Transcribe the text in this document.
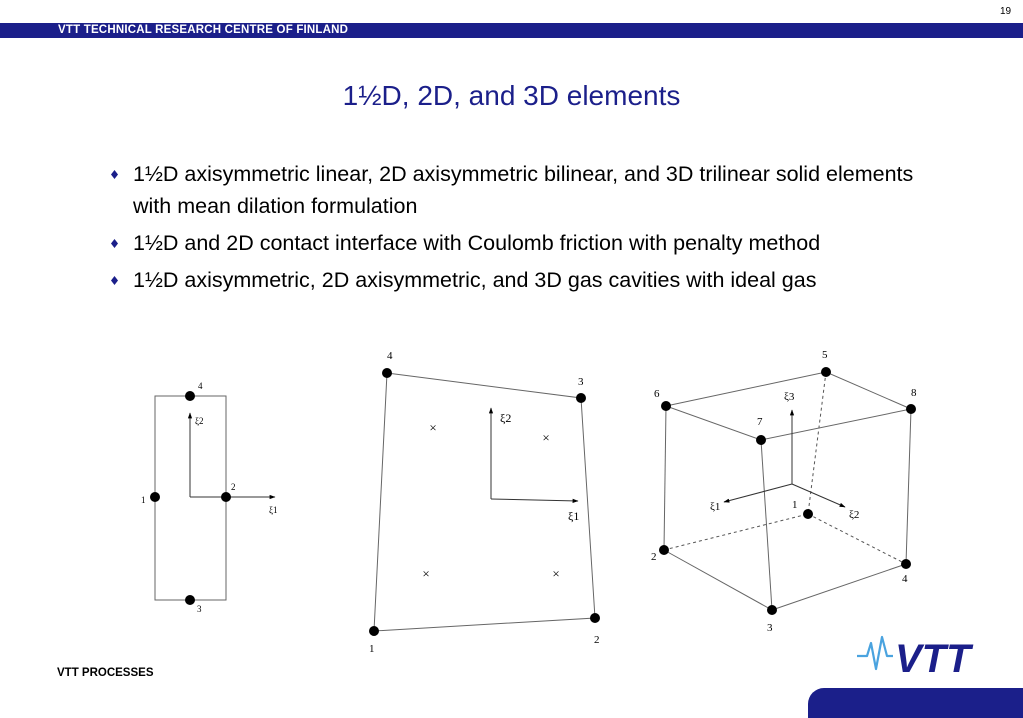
19
VTT TECHNICAL RESEARCH CENTRE OF FINLAND
1½D, 2D, and 3D elements
1½D axisymmetric linear, 2D axisymmetric bilinear, and 3D trilinear solid elements with mean dilation formulation
1½D and 2D contact interface with Coulomb friction with penalty method
1½D axisymmetric, 2D axisymmetric, and 3D gas cavities with ideal gas
4
1
2
3
ξ2
ξ1
×
×
×	×
4
3
2
1
ξ2
ξ1
5
6	8
7
1
2
4
3
ξ3
ξ1
ξ2
VTT PROCESSES	VTT
